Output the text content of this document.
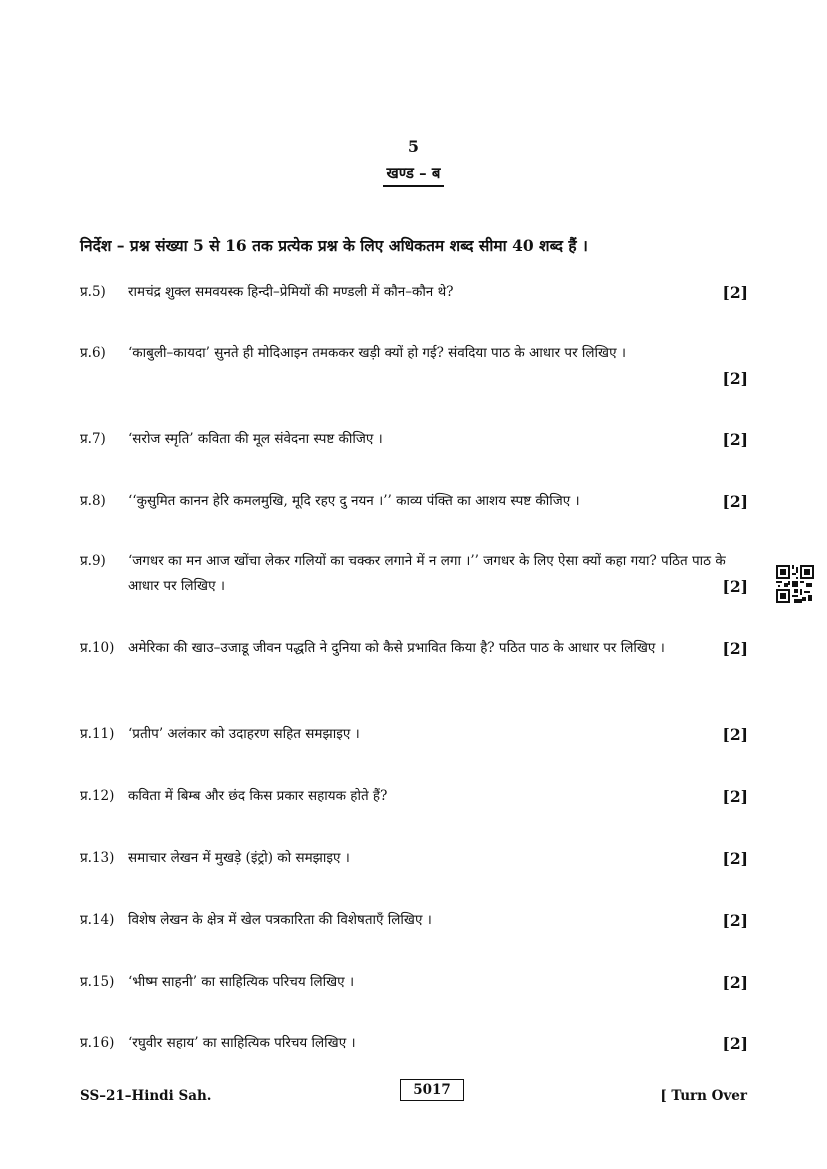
5
खण्ड – ब
निर्देश – प्रश्न संख्या 5 से 16 तक प्रत्येक प्रश्न के लिए अधिकतम शब्द सीमा 40 शब्द हैं ।
प्र.5)	[2]
रामचंद्र शुक्ल समवयस्क हिन्दी–प्रेमियों की मण्डली में कौन–कौन थे?
प्र.6) ‘काबुली–कायदा’ सुनते ही मोदिआइन तमककर खड़ी क्यों हो गई? संवदिया पाठ के आधार पर लिखिए ।
[2]
प्र.7)	[2]
‘सरोज स्मृति’ कविता की मूल संवेदना स्पष्ट कीजिए ।
प्र.8)	[2]
‘‘कुसुमित कानन हेरि कमलमुखि, मूदि रहए दु नयन ।’’ काव्य पंक्ति का आशय स्पष्ट कीजिए ।
प्र.9) ‘जगधर का मन आज खोंचा लेकर गलियों का चक्कर लगाने में न लगा ।’’ जगधर के लिए ऐसा क्यों कहा गया? पठित पाठ के आधार पर लिखिए ।	[2]
प्र.10) अमेरिका की खाउ–उजाडू जीवन पद्धति ने दुनिया को कैसे प्रभावित किया है? पठित पाठ के आधार पर लिखिए ।	[2]
प्र.11)	[2]
‘प्रतीप’ अलंकार को उदाहरण सहित समझाइए ।
प्र.12)	[2]
कविता में बिम्ब और छंद किस प्रकार सहायक होते हैं?
प्र.13)	[2]
समाचार लेखन में मुखड़े (इंट्रो) को समझाइए ।
प्र.14)	[2]
विशेष लेखन के क्षेत्र में खेल पत्रकारिता की विशेषताएँ लिखिए ।
प्र.15)	[2]
‘भीष्म साहनी’ का साहित्यिक परिचय लिखिए ।
प्र.16)	[2]
‘रघुवीर सहाय’ का साहित्यिक परिचय लिखिए ।
SS–21–Hindi Sah.	5017	[ Turn Over
